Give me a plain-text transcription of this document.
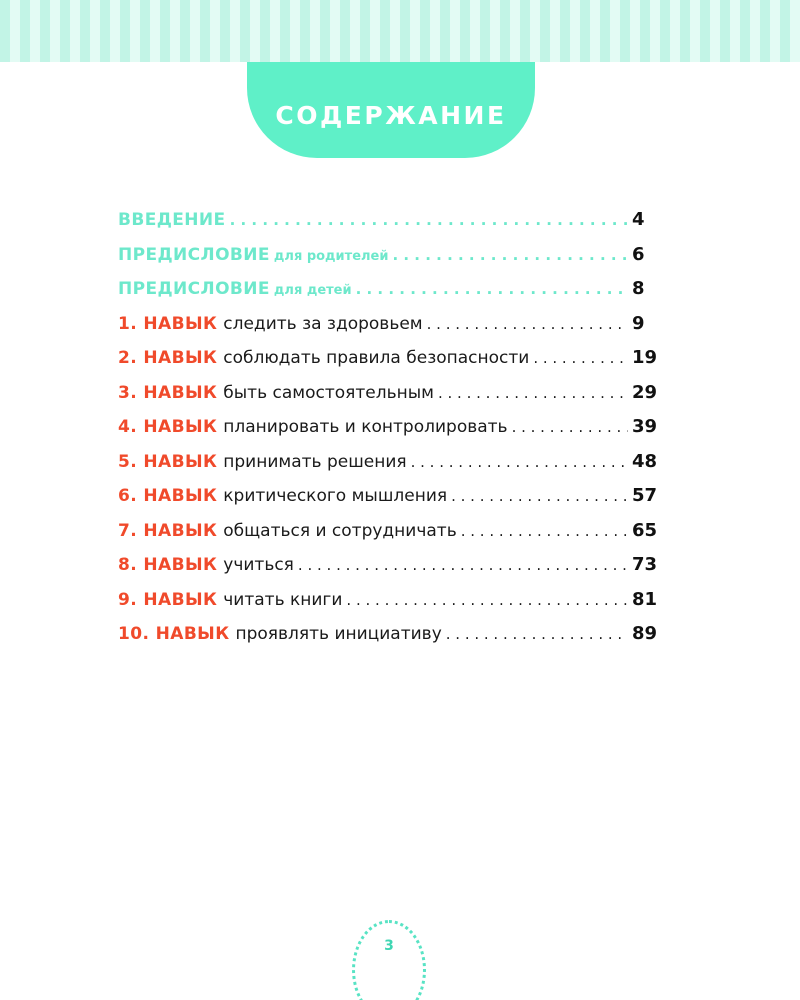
СОДЕРЖАНИЕ
ВВЕДЕНИЕ . . .	4
ПРЕДИСЛОВИЕ для родителей . . .	6
ПРЕДИСЛОВИЕ для детей . . .	8
1. НАВЫК следить за здоровьем . . .	9
2. НАВЫК соблюдать правила безопасности . . .	19
3. НАВЫК быть самостоятельным . . .	29
4. НАВЫК планировать и контролировать . . .	39
5. НАВЫК принимать решения . . .	48
6. НАВЫК критического мышления . . .	57
7. НАВЫК общаться и сотрудничать . . .	65
8. НАВЫК учиться . . .	73
9. НАВЫК читать книги . . .	81
10. НАВЫК проявлять инициативу . . .	89
3
